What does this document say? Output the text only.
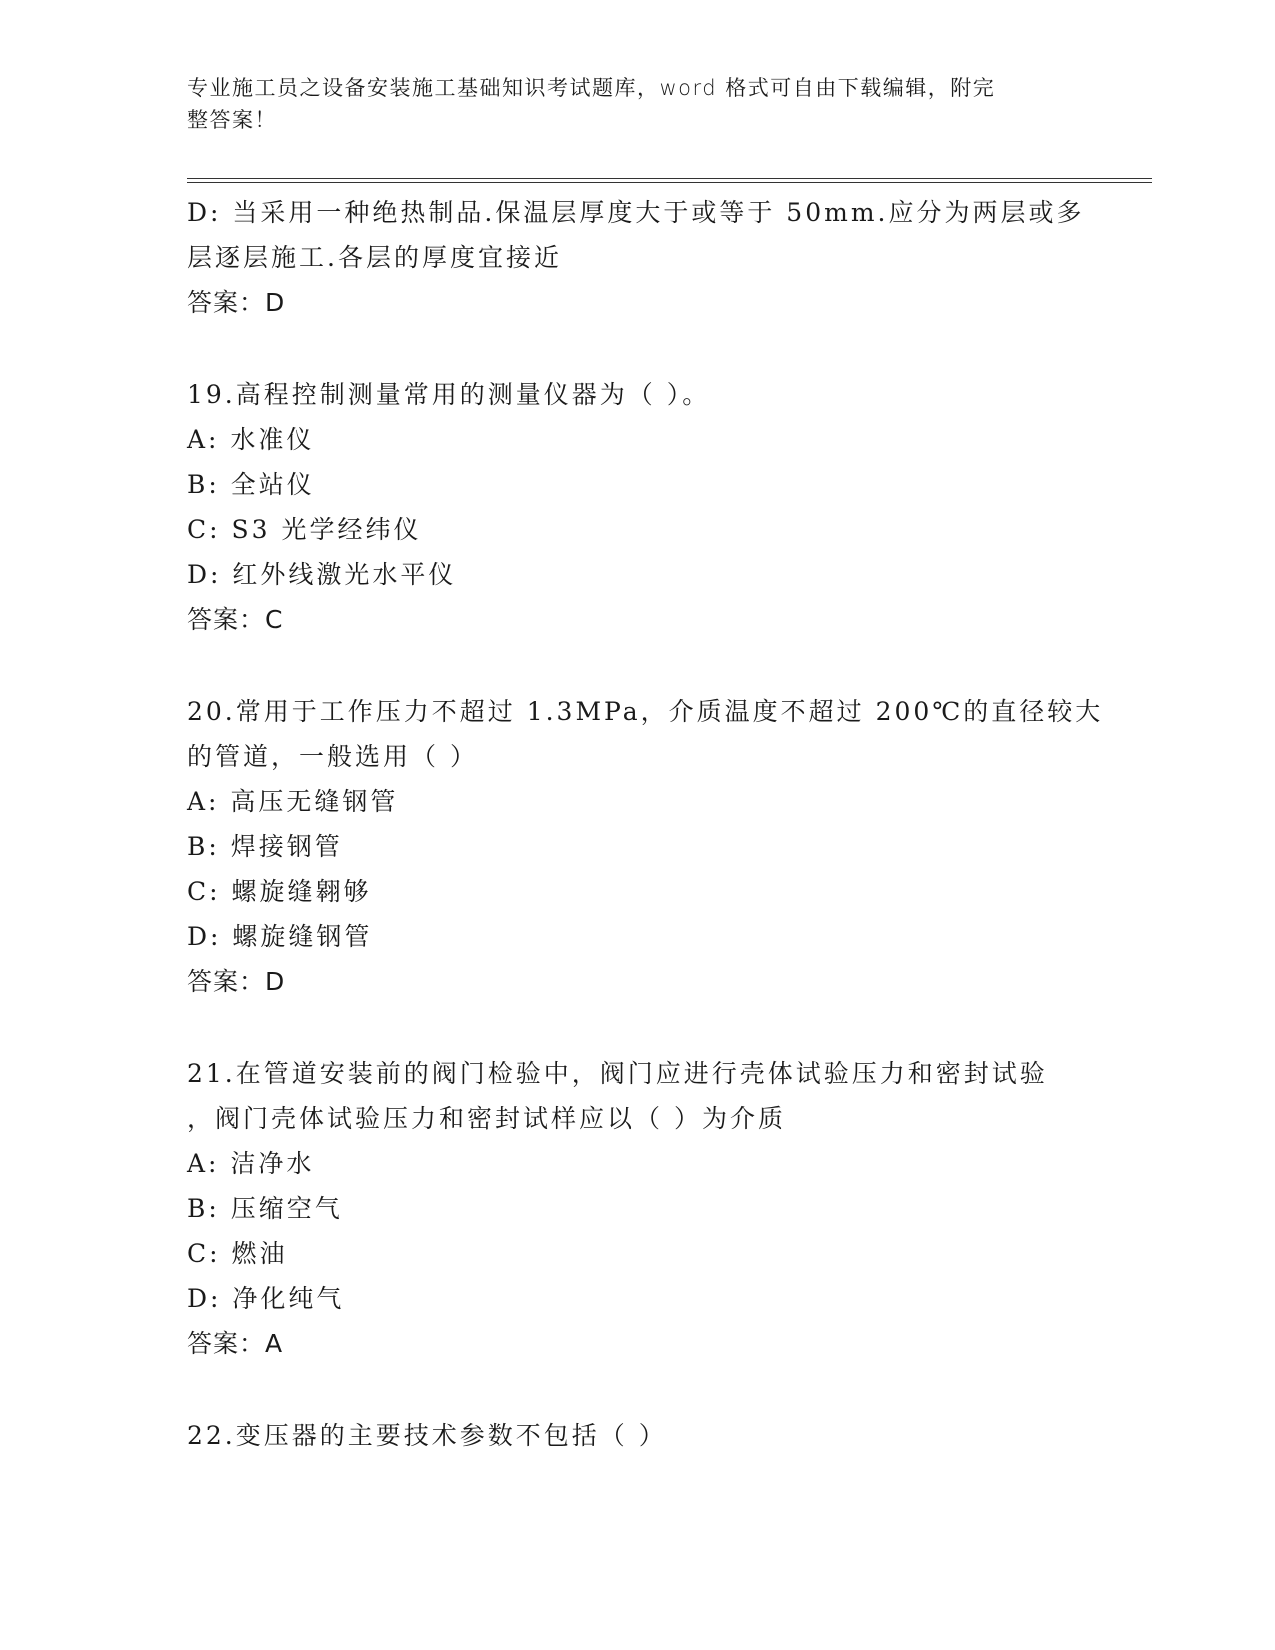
专业施工员之设备安装施工基础知识考试题库，word 格式可自由下载编辑，附完
整答案！
D: 当采用一种绝热制品.保温层厚度大于或等于 50mm.应分为两层或多
层逐层施工.各层的厚度宜接近
答案：D
19.高程控制测量常用的测量仪器为（ ）。
A: 水准仪
B: 全站仪
C: S3 光学经纬仪
D: 红外线激光水平仪
答案：C
20.常用于工作压力不超过 1.3MPa，介质温度不超过 200℃的直径较大
的管道，一般选用（ ）
A: 高压无缝钢管
B: 焊接钢管
C: 螺旋缝翱够
D: 螺旋缝钢管
答案：D
21.在管道安装前的阀门检验中，阀门应进行壳体试验压力和密封试验
，阀门壳体试验压力和密封试样应以（ ）为介质
A: 洁净水
B: 压缩空气
C: 燃油
D: 净化纯气
答案：A
22.变压器的主要技术参数不包括（ ）
